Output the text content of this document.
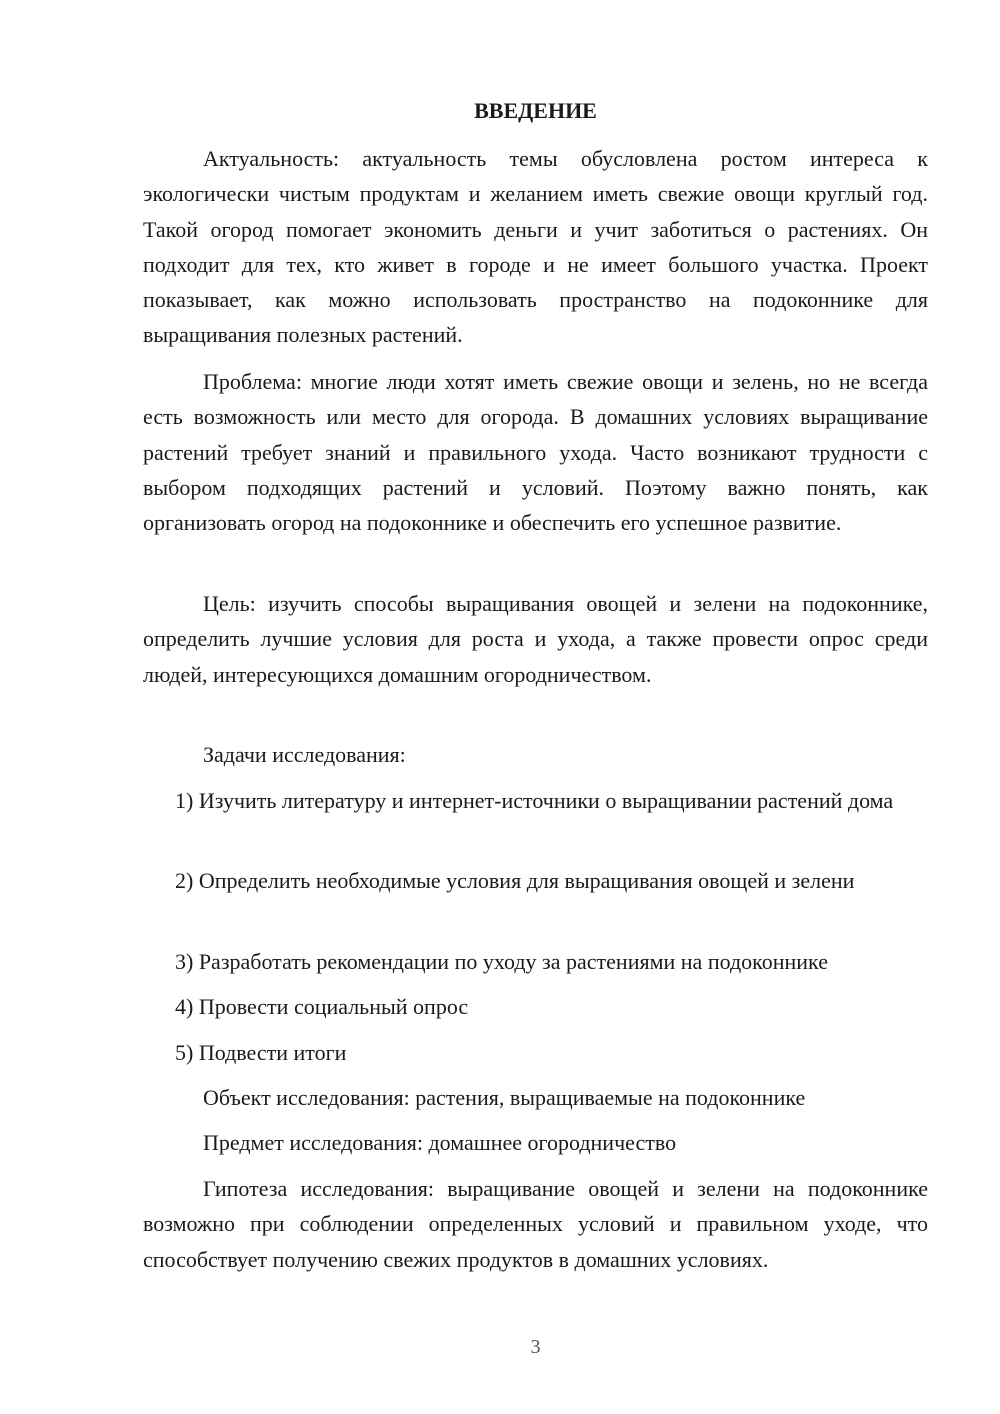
ВВЕДЕНИЕ

Актуальность: актуальность темы обусловлена ростом интереса к экологически чистым продуктам и желанием иметь свежие овощи круглый год. Такой огород помогает экономить деньги и учит заботиться о растениях. Он подходит для тех, кто живет в городе и не имеет большого участка. Проект показывает, как можно использовать пространство на подоконнике для выращивания полезных растений.

Проблема: многие люди хотят иметь свежие овощи и зелень, но не всегда есть возможность или место для огорода. В домашних условиях выращивание растений требует знаний и правильного ухода. Часто возникают трудности с выбором подходящих растений и условий. Поэтому важно понять, как организовать огород на подоконнике и обеспечить его успешное развитие.

Цель: изучить способы выращивания овощей и зелени на подоконнике, определить лучшие условия для роста и ухода, а также провести опрос среди людей, интересующихся домашним огородничеством.

Задачи исследования:

1) Изучить литературу и интернет-источники о выращивании растений дома

2) Определить необходимые условия для выращивания овощей и зелени

3) Разработать рекомендации по уходу за растениями на подоконнике

4) Провести социальный опрос

5) Подвести итоги

Объект исследования: растения, выращиваемые на подоконнике

Предмет исследования: домашнее огородничество

Гипотеза исследования: выращивание овощей и зелени на подоконнике возможно при соблюдении определенных условий и правильном уходе, что способствует получению свежих продуктов в домашних условиях.

3
